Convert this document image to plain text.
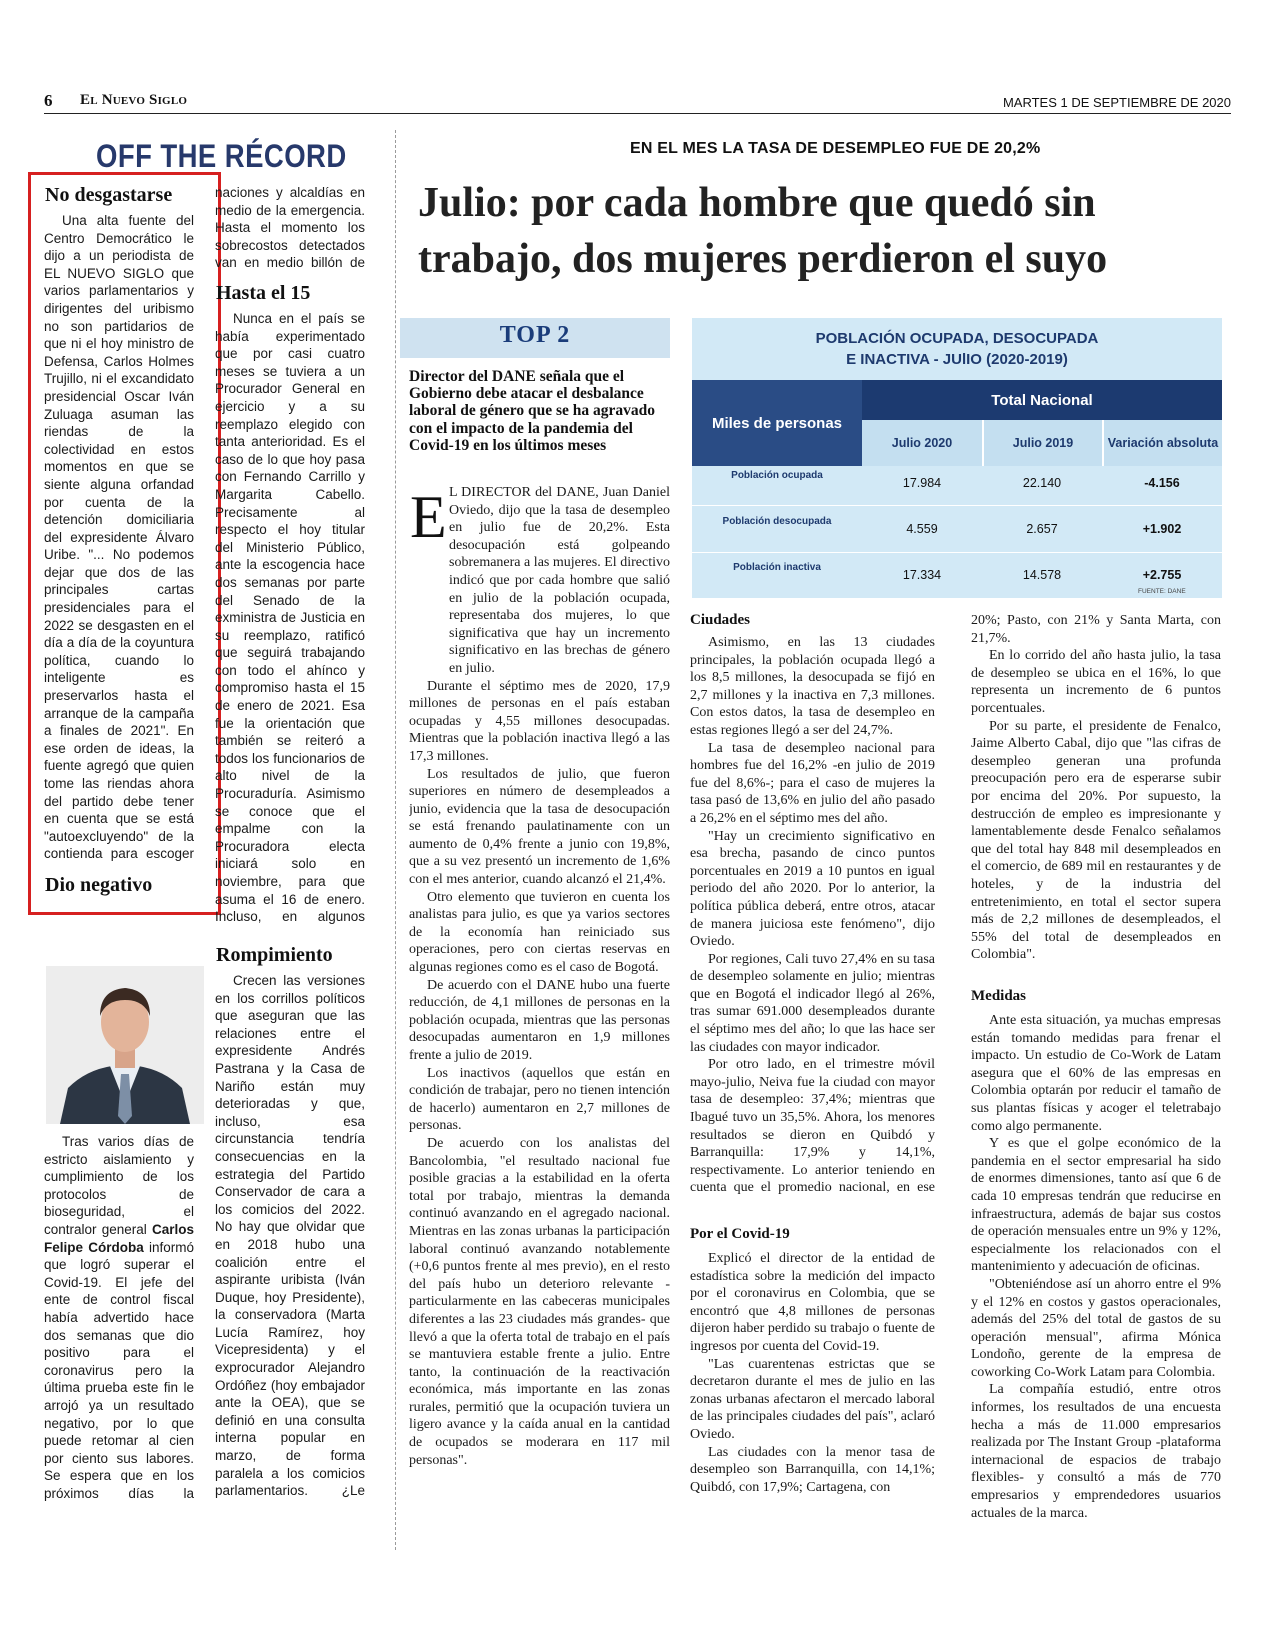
6 El Nuevo Siglo	MARTES 1 DE SEPTIEMBRE DE 2020
OFF THE RÉCORD
No desgastarse

Una alta fuente del Centro Democrático le dijo a un periodista de EL NUEVO SIGLO que varios parlamentarios y dirigentes del uribismo no son partidarios de que ni el hoy ministro de Defensa, Carlos Holmes Trujillo, ni el excandidato presidencial Oscar Iván Zuluaga asuman las riendas de la colectividad en estos momentos en que se siente alguna orfandad por cuenta de la detención domiciliaria del expresidente Álvaro Uribe. "... No podemos dejar que dos de las principales cartas presidenciales para el 2022 se desgasten en el día a día de la coyuntura política, cuando lo inteligente es preservarlos hasta el arranque de la campaña a finales de 2021". En ese orden de ideas, la fuente agregó que quien tome las riendas ahora del partido debe tener en cuenta que se está "autoexcluyendo" de la contienda para escoger

Dio negativo

Tras varios días de estricto aislamiento y cumplimiento de los protocolos de bioseguridad, el contralor general Carlos Felipe Córdoba informó que logró superar el Covid-19. El jefe del ente de control fiscal había advertido hace dos semanas que dio positivo para el coronavirus pero la última prueba este fin le arrojó ya un resultado negativo, por lo que puede retomar al cien por ciento sus labores. Se espera que en los próximos días la

naciones y alcaldías en medio de la emergencia. Hasta el momento los sobrecostos detectados van en medio billón de

Hasta el 15

Nunca en el país se había experimentado que por casi cuatro meses se tuviera a un Procurador General en ejercicio y a su reemplazo elegido con tanta anterioridad. Es el caso de lo que hoy pasa con Fernando Carrillo y Margarita Cabello. Precisamente al respecto el hoy titular del Ministerio Público, ante la escogencia hace dos semanas por parte del Senado de la exministra de Justicia en su reemplazo, ratificó que seguirá trabajando con todo el ahínco y compromiso hasta el 15 de enero de 2021. Esa fue la orientación que también se reiteró a todos los funcionarios de alto nivel de la Procuraduría. Asimismo se conoce que el empalme con la Procuradora electa iniciará solo en noviembre, para que asuma el 16 de enero. Incluso, en algunos

Rompimiento

Crecen las versiones en los corrillos políticos que aseguran que las relaciones entre el expresidente Andrés Pastrana y la Casa de Nariño están muy deterioradas y que, incluso, esa circunstancia tendría consecuencias en la estrategia del Partido Conservador de cara a los comicios del 2022. No hay que olvidar que en 2018 hubo una coalición entre el aspirante uribista (Iván Duque, hoy Presidente), la conservadora (Marta Lucía Ramírez, hoy Vicepresidenta) y el exprocurador Alejandro Ordóñez (hoy embajador ante la OEA), que se definió en una consulta interna popular en marzo, de forma paralela a los comicios parlamentarios. ¿Le

EN EL MES LA TASA DE DESEMPLEO FUE DE 20,2%
Julio: por cada hombre que quedó sin trabajo, dos mujeres perdieron el suyo
TOP 2
Director del DANE señala que el Gobierno debe atacar el desbalance laboral de género que se ha agravado con el impacto de la pandemia del Covid-19 en los últimos meses
E L DIRECTOR del DANE, Juan Daniel Oviedo, dijo que la tasa de desempleo en julio fue de 20,2%. Esta desocupación está golpeando sobremanera a las mujeres. El directivo indicó que por cada hombre que salió en julio de la población ocupada, representaba dos mujeres, lo que significativa que hay un incremento significativo en las brechas de género en julio.

Durante el séptimo mes de 2020, 17,9 millones de personas en el país estaban ocupadas y 4,55 millones desocupadas. Mientras que la población inactiva llegó a las 17,3 millones.

Los resultados de julio, que fueron superiores en número de desempleados a junio, evidencia que la tasa de desocupación se está frenando paulatinamente con un aumento de 0,4% frente a junio con 19,8%, que a su vez presentó un incremento de 1,6% con el mes anterior, cuando alcanzó el 21,4%.

Otro elemento que tuvieron en cuenta los analistas para julio, es que ya varios sectores de la economía han reiniciado sus operaciones, pero con ciertas reservas en algunas regiones como es el caso de Bogotá.

De acuerdo con el DANE hubo una fuerte reducción, de 4,1 millones de personas en la población ocupada, mientras que las personas desocupadas aumentaron en 1,9 millones frente a julio de 2019.

Los inactivos (aquellos que están en condición de trabajar, pero no tienen intención de hacerlo) aumentaron en 2,7 millones de personas.

De acuerdo con los analistas del Bancolombia, "el resultado nacional fue posible gracias a la estabilidad en la oferta total por trabajo, mientras la demanda continuó avanzando en el agregado nacional. Mientras en las zonas urbanas la participación laboral continuó avanzando notablemente (+0,6 puntos frente al mes previo), en el resto del país hubo un deterioro relevante - particularmente en las cabeceras municipales diferentes a las 23 ciudades más grandes- que llevó a que la oferta total de trabajo en el país se mantuviera estable frente a julio. Entre tanto, la continuación de la reactivación económica, más importante en las zonas rurales, permitió que la ocupación tuviera un ligero avance y la caída anual en la cantidad de ocupados se moderara en 117 mil personas".

POBLACIÓN OCUPADA, DESOCUPADA
E INACTIVA - JUlIO (2020-2019)
Miles de personas
Total Nacional
Julio 2020	Julio 2019	Variación absoluta
Población ocupada
17.984	22.140	-4.156
Población desocupada
4.559	2.657	+1.902
Población inactiva
17.334	14.578	+2.755
FUENTE: DANE
Ciudades

Asimismo, en las 13 ciudades principales, la población ocupada llegó a los 8,5 millones, la desocupada se fijó en 2,7 millones y la inactiva en 7,3 millones. Con estos datos, la tasa de desempleo en estas regiones llegó a ser del 24,7%.

La tasa de desempleo nacional para hombres fue del 16,2% -en julio de 2019 fue del 8,6%-; para el caso de mujeres la tasa pasó de 13,6% en julio del año pasado a 26,2% en el séptimo mes del año.

"Hay un crecimiento significativo en esa brecha, pasando de cinco puntos porcentuales en 2019 a 10 puntos en igual periodo del año 2020. Por lo anterior, la política pública deberá, entre otros, atacar de manera juiciosa este fenómeno", dijo Oviedo.

Por regiones, Cali tuvo 27,4% en su tasa de desempleo solamente en julio; mientras que en Bogotá el indicador llegó al 26%, tras sumar 691.000 desempleados durante el séptimo mes del año; lo que las hace ser las ciudades con mayor indicador.

Por otro lado, en el trimestre móvil mayo-julio, Neiva fue la ciudad con mayor tasa de desempleo: 37,4%; mientras que Ibagué tuvo un 35,5%. Ahora, los menores resultados se dieron en Quibdó y Barranquilla: 17,9% y 14,1%, respectivamente. Lo anterior teniendo en cuenta que el promedio nacional, en ese

Por el Covid-19

Explicó el director de la entidad de estadística sobre la medición del impacto por el coronavirus en Colombia, que se encontró que 4,8 millones de personas dijeron haber perdido su trabajo o fuente de ingresos por cuenta del Covid-19.

"Las cuarentenas estrictas que se decretaron durante el mes de julio en las zonas urbanas afectaron el mercado laboral de las principales ciudades del país", aclaró Oviedo.

Las ciudades con la menor tasa de desempleo son Barranquilla, con 14,1%; Quibdó, con 17,9%; Cartagena, con

20%; Pasto, con 21% y Santa Marta, con 21,7%.

En lo corrido del año hasta julio, la tasa de desempleo se ubica en el 16%, lo que representa un incremento de 6 puntos porcentuales.

Por su parte, el presidente de Fenalco, Jaime Alberto Cabal, dijo que "las cifras de desempleo generan una profunda preocupación pero era de esperarse subir por encima del 20%. Por supuesto, la destrucción de empleo es impresionante y lamentablemente desde Fenalco señalamos que del total hay 848 mil desempleados en el comercio, de 689 mil en restaurantes y de hoteles, y de la industria del entretenimiento, en total el sector supera más de 2,2 millones de desempleados, el 55% del total de desempleados en Colombia".

Medidas

Ante esta situación, ya muchas empresas están tomando medidas para frenar el impacto. Un estudio de Co-Work de Latam asegura que el 60% de las empresas en Colombia optarán por reducir el tamaño de sus plantas físicas y acoger el teletrabajo como algo permanente.

Y es que el golpe económico de la pandemia en el sector empresarial ha sido de enormes dimensiones, tanto así que 6 de cada 10 empresas tendrán que reducirse en infraestructura, además de bajar sus costos de operación mensuales entre un 9% y 12%, especialmente los relacionados con el mantenimiento y adecuación de oficinas.

"Obteniéndose así un ahorro entre el 9% y el 12% en costos y gastos operacionales, además del 25% del total de gastos de su operación mensual", afirma Mónica Londoño, gerente de la empresa de coworking Co-Work Latam para Colombia.

La compañía estudió, entre otros informes, los resultados de una encuesta hecha a más de 11.000 empresarios realizada por The Instant Group -plataforma internacional de espacios de trabajo flexibles- y consultó a más de 770 empresarios y emprendedores usuarios actuales de la marca.
